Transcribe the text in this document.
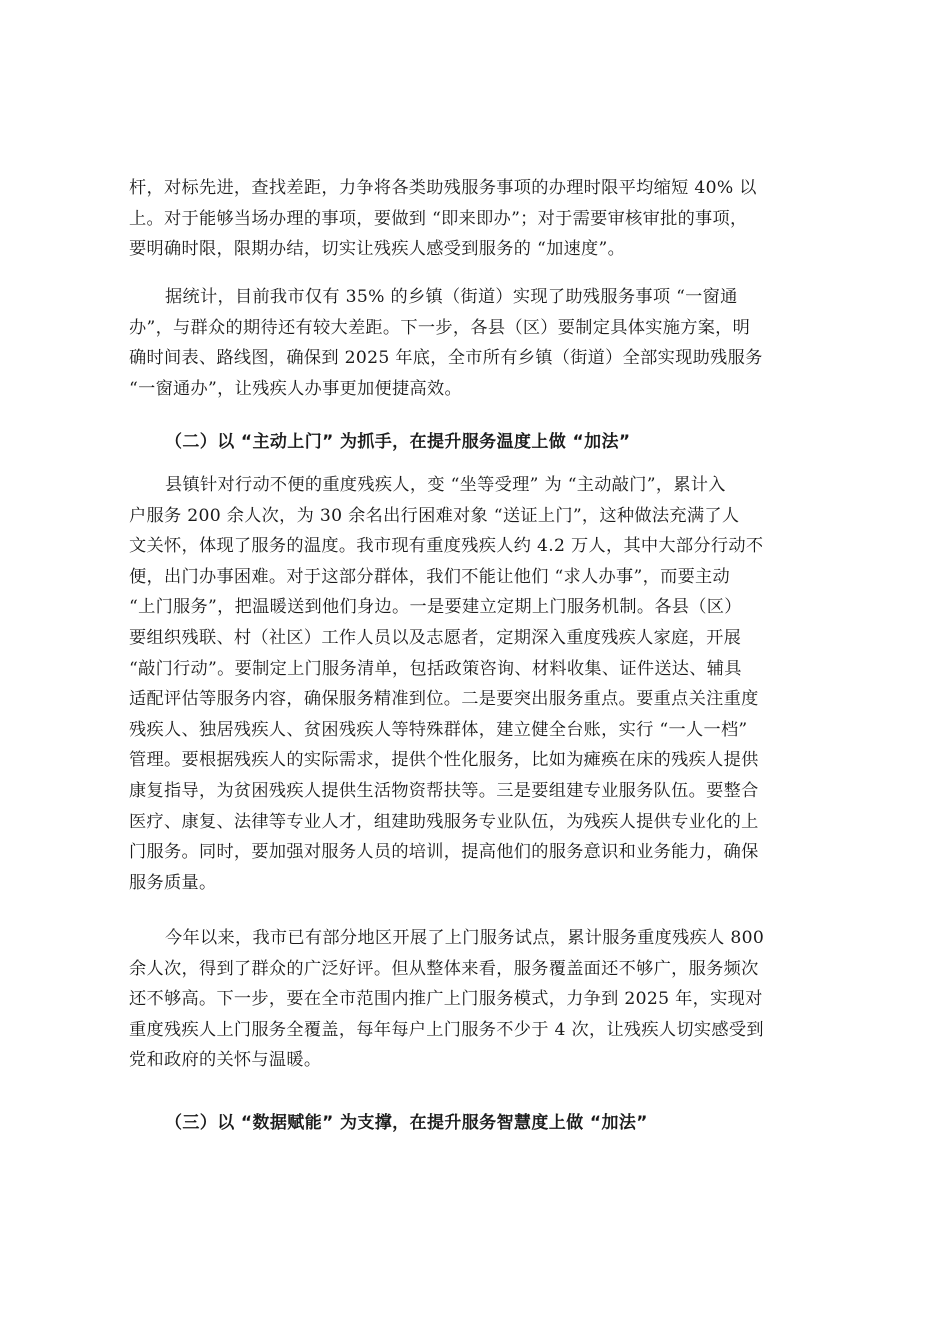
杆，对标先进，查找差距，力争将各类助残服务事项的办理时限平均缩短 40% 以
上。对于能够当场办理的事项，要做到 “即来即办”；对于需要审核审批的事项，
要明确时限，限期办结，切实让残疾人感受到服务的 “加速度”。
据统计，目前我市仅有 35% 的乡镇（街道）实现了助残服务事项 “一窗通
办”，与群众的期待还有较大差距。下一步，各县（区）要制定具体实施方案，明
确时间表、路线图，确保到 2025 年底，全市所有乡镇（街道）全部实现助残服务
“一窗通办”，让残疾人办事更加便捷高效。
（二）以 “主动上门” 为抓手，在提升服务温度上做 “加法”
县镇针对行动不便的重度残疾人，变 “坐等受理” 为 “主动敲门”，累计入
户服务 200 余人次，为 30 余名出行困难对象 “送证上门”，这种做法充满了人
文关怀，体现了服务的温度。我市现有重度残疾人约 4.2 万人，其中大部分行动不
便，出门办事困难。对于这部分群体，我们不能让他们 “求人办事”，而要主动
“上门服务”，把温暖送到他们身边。一是要建立定期上门服务机制。各县（区）
要组织残联、村（社区）工作人员以及志愿者，定期深入重度残疾人家庭，开展
“敲门行动”。要制定上门服务清单，包括政策咨询、材料收集、证件送达、辅具
适配评估等服务内容，确保服务精准到位。二是要突出服务重点。要重点关注重度
残疾人、独居残疾人、贫困残疾人等特殊群体，建立健全台账，实行 “一人一档”
管理。要根据残疾人的实际需求，提供个性化服务，比如为瘫痪在床的残疾人提供
康复指导，为贫困残疾人提供生活物资帮扶等。三是要组建专业服务队伍。要整合
医疗、康复、法律等专业人才，组建助残服务专业队伍，为残疾人提供专业化的上
门服务。同时，要加强对服务人员的培训，提高他们的服务意识和业务能力，确保
服务质量。
今年以来，我市已有部分地区开展了上门服务试点，累计服务重度残疾人 800
余人次，得到了群众的广泛好评。但从整体来看，服务覆盖面还不够广，服务频次
还不够高。下一步，要在全市范围内推广上门服务模式，力争到 2025 年，实现对
重度残疾人上门服务全覆盖，每年每户上门服务不少于 4 次，让残疾人切实感受到
党和政府的关怀与温暖。
（三）以 “数据赋能” 为支撑，在提升服务智慧度上做 “加法”
